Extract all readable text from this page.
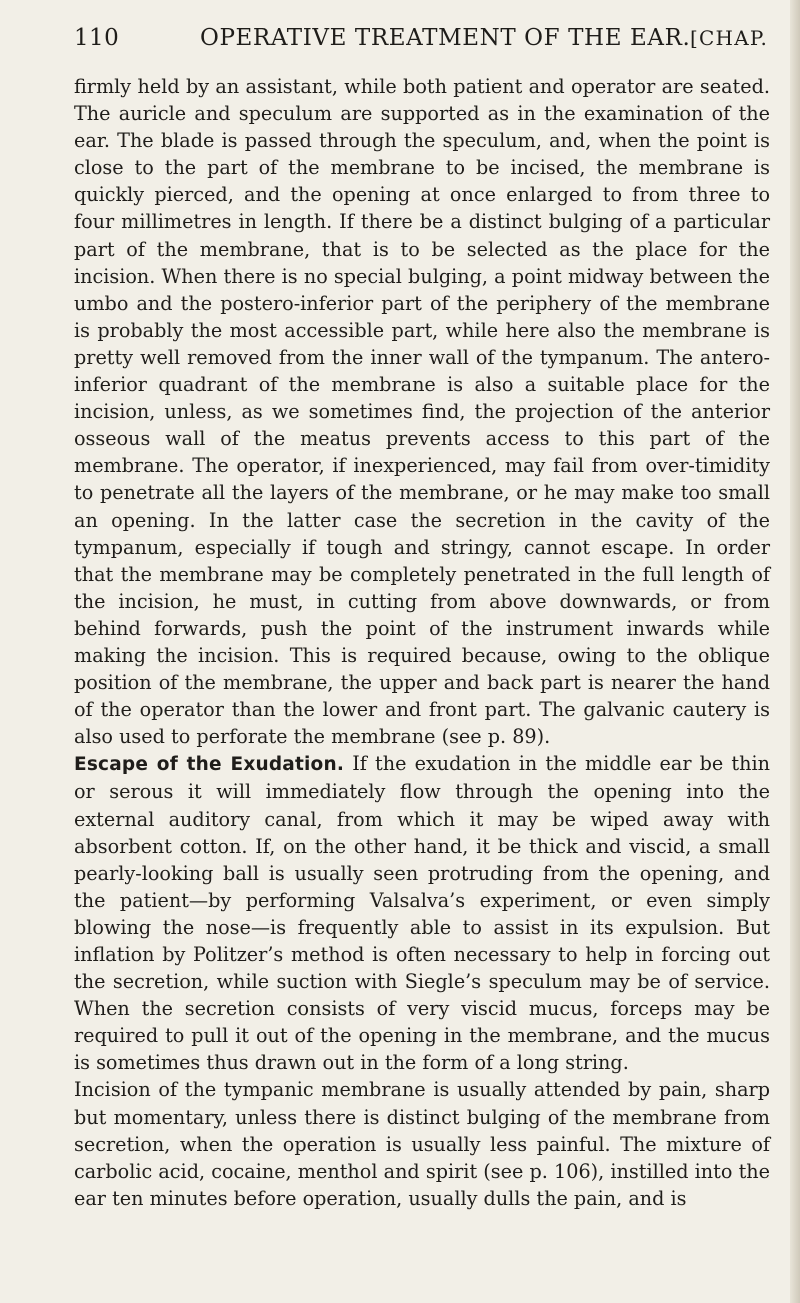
110	OPERATIVE TREATMENT OF THE EAR. [CHAP.

firmly held by an assistant, while both patient and operator are seated. The auricle and speculum are supported as in the examination of the ear. The blade is passed through the speculum, and, when the point is close to the part of the membrane to be incised, the membrane is quickly pierced, and the opening at once enlarged to from three to four millimetres in length. If there be a distinct bulging of a particular part of the membrane, that is to be selected as the place for the incision. When there is no special bulging, a point midway between the umbo and the postero-inferior part of the periphery of the membrane is probably the most accessible part, while here also the membrane is pretty well removed from the inner wall of the tympanum. The antero-inferior quadrant of the membrane is also a suitable place for the incision, unless, as we sometimes find, the projection of the anterior osseous wall of the meatus prevents access to this part of the membrane. The operator, if inexperienced, may fail from over-timidity to penetrate all the layers of the membrane, or he may make too small an opening. In the latter case the secretion in the cavity of the tympanum, especially if tough and stringy, cannot escape. In order that the membrane may be completely penetrated in the full length of the incision, he must, in cutting from above downwards, or from behind forwards, push the point of the instrument inwards while making the incision. This is required because, owing to the oblique position of the membrane, the upper and back part is nearer the hand of the operator than the lower and front part. The galvanic cautery is also used to perforate the membrane (see p. 89).

Escape of the Exudation. If the exudation in the middle ear be thin or serous it will immediately flow through the opening into the external auditory canal, from which it may be wiped away with absorbent cotton. If, on the other hand, it be thick and viscid, a small pearly-looking ball is usually seen protruding from the opening, and the patient—by performing Valsalva’s experiment, or even simply blowing the nose—is frequently able to assist in its expulsion. But inflation by Politzer’s method is often necessary to help in forcing out the secretion, while suction with Siegle’s speculum may be of service. When the secretion consists of very viscid mucus, forceps may be required to pull it out of the opening in the membrane, and the mucus is sometimes thus drawn out in the form of a long string.

Incision of the tympanic membrane is usually attended by pain, sharp but momentary, unless there is distinct bulging of the membrane from secretion, when the operation is usually less painful. The mixture of carbolic acid, cocaine, menthol and spirit (see p. 106), instilled into the ear ten minutes before operation, usually dulls the pain, and is
